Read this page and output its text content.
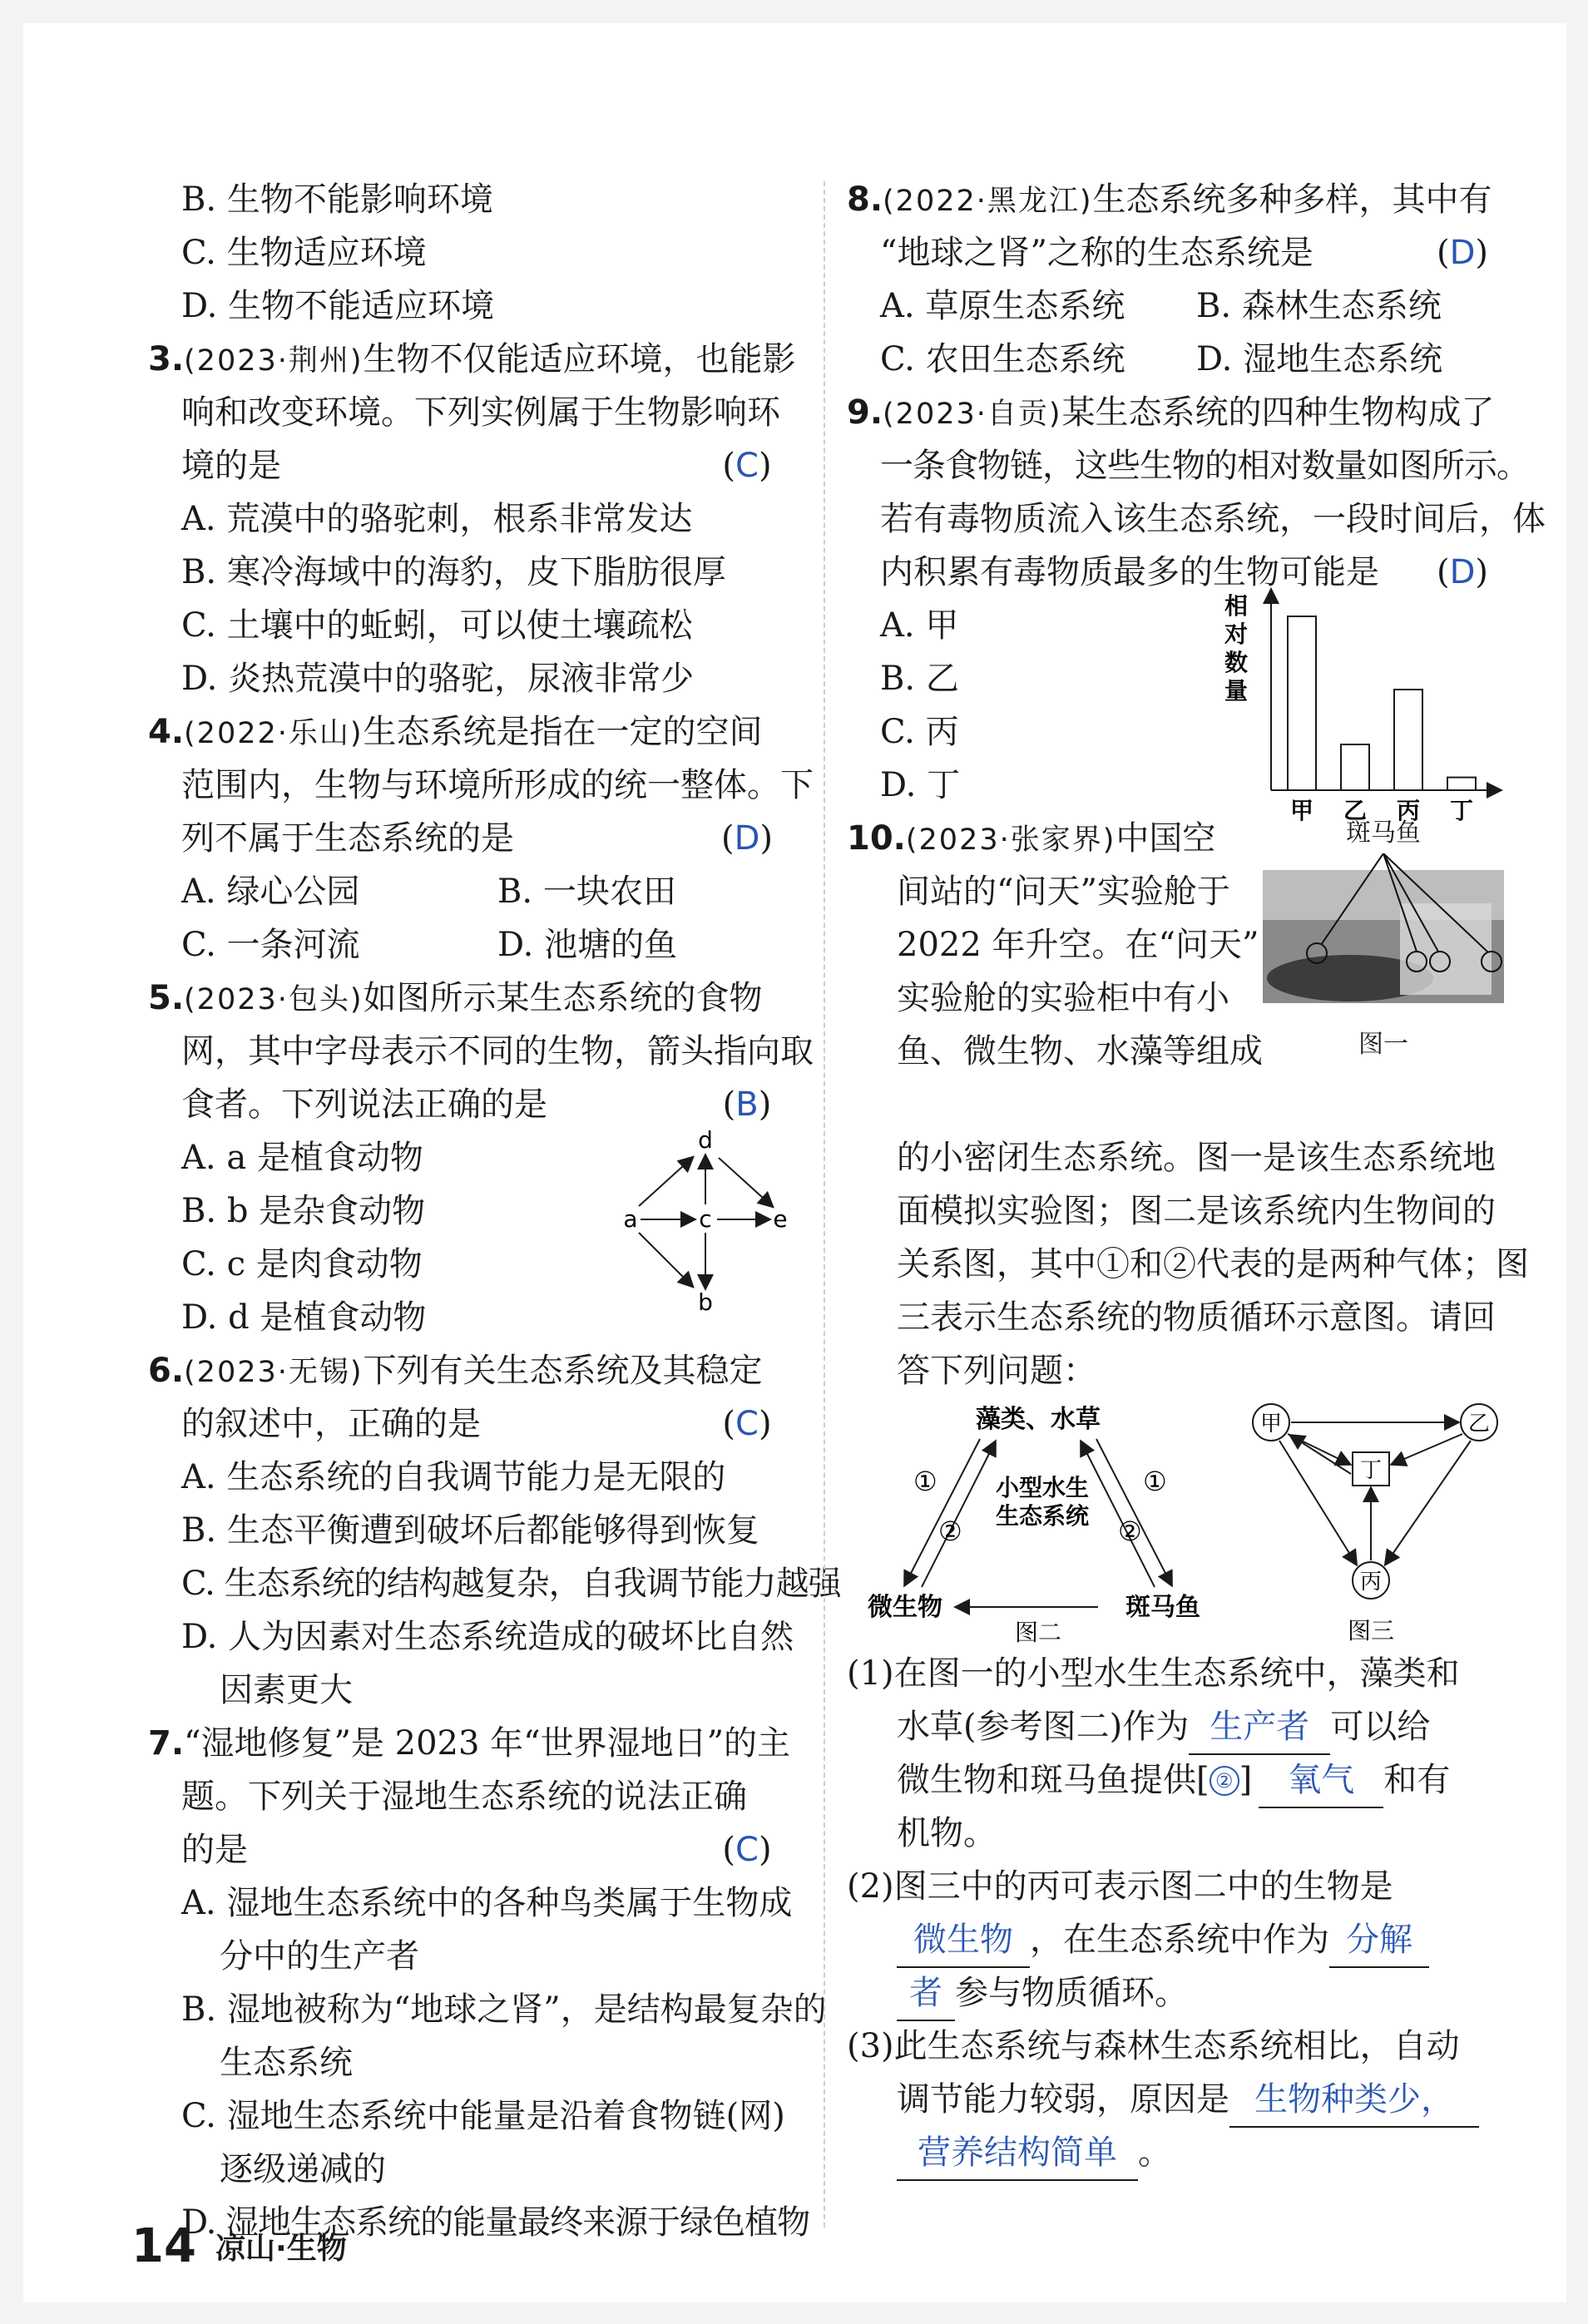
B. 生物不能影响环境
C. 生物适应环境
D. 生物不能适应环境
3.(2023·荆州)生物不仅能适应环境，也能影
响和改变环境。下列实例属于生物影响环
境的是	(C)
A. 荒漠中的骆驼刺，根系非常发达
B. 寒冷海域中的海豹，皮下脂肪很厚
C. 土壤中的蚯蚓，可以使土壤疏松
D. 炎热荒漠中的骆驼，尿液非常少
4.(2022·乐山)生态系统是指在一定的空间
范围内，生物与环境所形成的统一整体。下
列不属于生态系统的是	(D)
A. 绿心公园	B. 一块农田
C. 一条河流	D. 池塘的鱼
5.(2023·包头)如图所示某生态系统的食物
网，其中字母表示不同的生物，箭头指向取
食者。下列说法正确的是	(B)
A. a 是植食动物
B. b 是杂食动物
C. c 是肉食动物
D. d 是植食动物
d
a	c	e
b
6.(2023·无锡)下列有关生态系统及其稳定
的叙述中，正确的是	(C)
A. 生态系统的自我调节能力是无限的
B. 生态平衡遭到破坏后都能够得到恢复
C. 生态系统的结构越复杂，自我调节能力越强
D. 人为因素对生态系统造成的破坏比自然
因素更大
7.“湿地修复”是 2023 年“世界湿地日”的主
题。下列关于湿地生态系统的说法正确
的是	(C)
A. 湿地生态系统中的各种鸟类属于生物成
分中的生产者
B. 湿地被称为“地球之肾”，是结构最复杂的
生态系统
C. 湿地生态系统中能量是沿着食物链(网)
逐级递减的
D. 湿地生态系统的能量最终来源于绿色植物
8.(2022·黑龙江)生态系统多种多样，其中有
“地球之肾”之称的生态系统是	(D)
A. 草原生态系统 B. 森林生态系统
C. 农田生态系统 D. 湿地生态系统
9.(2023·自贡)某生态系统的四种生物构成了
一条食物链，这些生物的相对数量如图所示。
若有毒物质流入该生态系统，一段时间后，体
内积累有毒物质最多的生物可能是	(D)
A. 甲
B. 乙
C. 丙
D. 丁
相
对
数
量
甲 乙 丙 丁
10.(2023·张家界)中国空
间站的“问天”实验舱于
2022 年升空。在“问天”
实验舱的实验柜中有小
鱼、微生物、水藻等组成
斑马鱼
图一
的小密闭生态系统。图一是该生态系统地
面模拟实验图；图二是该系统内生物间的
关系图，其中①和②代表的是两种气体；图
三表示生态系统的物质循环示意图。请回
答下列问题：
藻类、水草
小型水生
生态系统
微生物	斑马鱼
①
②
①
②
图二
甲	乙
丁
丙
图三
(1)在图一的小型水生生态系统中，藻类和
水草(参考图二)作为 生产者 可以给
微生物和斑马鱼提供[ ② ] 氧气 和有
机物。
(2)图三中的丙可表示图二中的生物是
微生物 ，在生态系统中作为 分解
者 参与物质循环。
(3)此生态系统与森林生态系统相比，自动
调节能力较弱，原因是 生物种类少，
营养结构简单 。
14 凉山·生物
